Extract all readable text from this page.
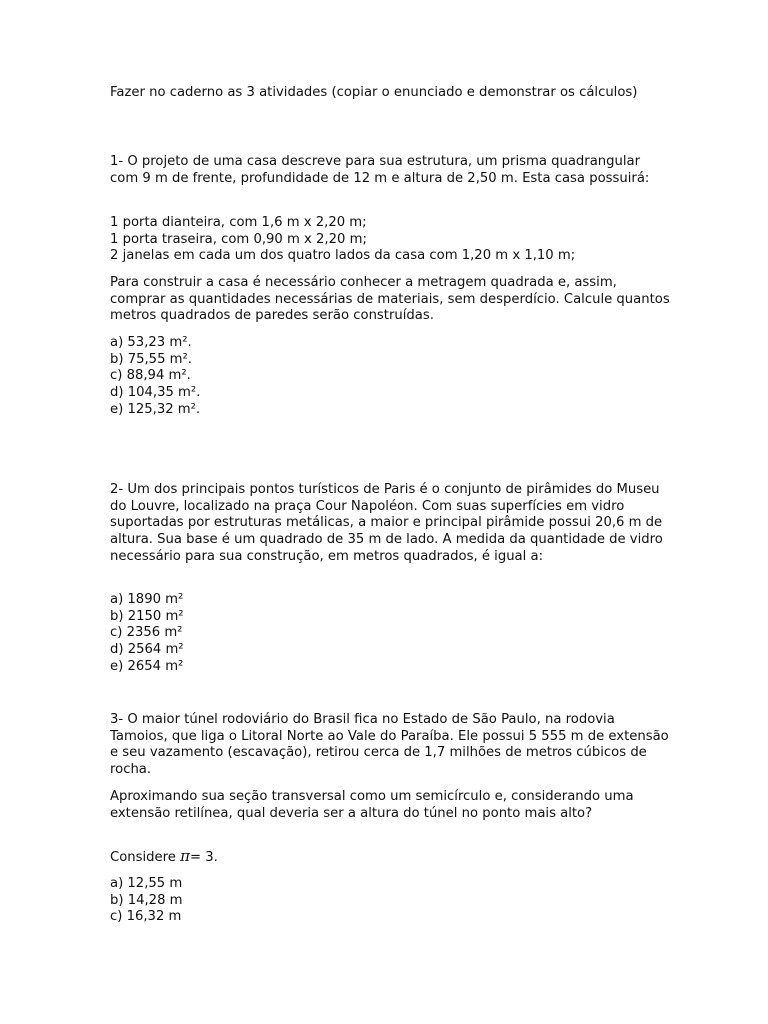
Fazer no caderno as 3 atividades (copiar o enunciado e demonstrar os cálculos)

1- O projeto de uma casa descreve para sua estrutura, um prisma quadrangular com 9 m de frente, profundidade de 12 m e altura de 2,50 m. Esta casa possuirá:

1 porta dianteira, com 1,6 m x 2,20 m;

1 porta traseira, com 0,90 m x 2,20 m;

2 janelas em cada um dos quatro lados da casa com 1,20 m x 1,10 m;

Para construir a casa é necessário conhecer a metragem quadrada e, assim, comprar as quantidades necessárias de materiais, sem desperdício. Calcule quantos metros quadrados de paredes serão construídas.

a) 53,23 m².

b) 75,55 m².

c) 88,94 m².

d) 104,35 m².

e) 125,32 m².

2- Um dos principais pontos turísticos de Paris é o conjunto de pirâmides do Museu do Louvre, localizado na praça Cour Napoléon. Com suas superfícies em vidro suportadas por estruturas metálicas, a maior e principal pirâmide possui 20,6 m de altura. Sua base é um quadrado de 35 m de lado. A medida da quantidade de vidro necessário para sua construção, em metros quadrados, é igual a:

a) 1890 m²

b) 2150 m²

c) 2356 m²

d) 2564 m²

e) 2654 m²

3- O maior túnel rodoviário do Brasil fica no Estado de São Paulo, na rodovia Tamoios, que liga o Litoral Norte ao Vale do Paraíba. Ele possui 5 555 m de extensão e seu vazamento (escavação), retirou cerca de 1,7 milhões de metros cúbicos de rocha.

Aproximando sua seção transversal como um semicírculo e, considerando uma extensão retilínea, qual deveria ser a altura do túnel no ponto mais alto?

Considere π= 3.

a) 12,55 m

b) 14,28 m

c) 16,32 m
